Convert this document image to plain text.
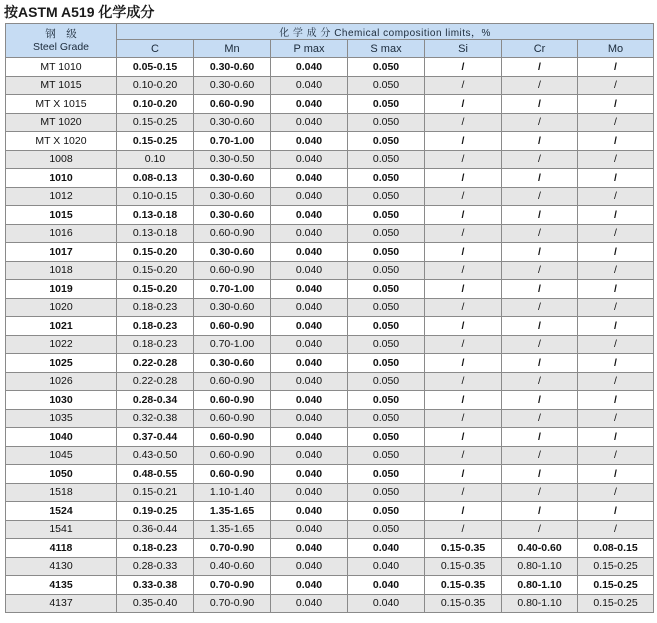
按ASTM A519 化学成分
钢　级
Steel Grade	化 学 成 分 Chemical composition limits，%						
	C	Mn	P max	S max	Si	Cr	Mo
MT 1010	0.05-0.15	0.30-0.60	0.040	0.050	/	/	/
MT 1015	0.10-0.20	0.30-0.60	0.040	0.050	/	/	/
MT X 1015	0.10-0.20	0.60-0.90	0.040	0.050	/	/	/
MT 1020	0.15-0.25	0.30-0.60	0.040	0.050	/	/	/
MT X 1020	0.15-0.25	0.70-1.00	0.040	0.050	/	/	/
1008	0.10	0.30-0.50	0.040	0.050	/	/	/
1010	0.08-0.13	0.30-0.60	0.040	0.050	/	/	/
1012	0.10-0.15	0.30-0.60	0.040	0.050	/	/	/
1015	0.13-0.18	0.30-0.60	0.040	0.050	/	/	/
1016	0.13-0.18	0.60-0.90	0.040	0.050	/	/	/
1017	0.15-0.20	0.30-0.60	0.040	0.050	/	/	/
1018	0.15-0.20	0.60-0.90	0.040	0.050	/	/	/
1019	0.15-0.20	0.70-1.00	0.040	0.050	/	/	/
1020	0.18-0.23	0.30-0.60	0.040	0.050	/	/	/
1021	0.18-0.23	0.60-0.90	0.040	0.050	/	/	/
1022	0.18-0.23	0.70-1.00	0.040	0.050	/	/	/
1025	0.22-0.28	0.30-0.60	0.040	0.050	/	/	/
1026	0.22-0.28	0.60-0.90	0.040	0.050	/	/	/
1030	0.28-0.34	0.60-0.90	0.040	0.050	/	/	/
1035	0.32-0.38	0.60-0.90	0.040	0.050	/	/	/
1040	0.37-0.44	0.60-0.90	0.040	0.050	/	/	/
1045	0.43-0.50	0.60-0.90	0.040	0.050	/	/	/
1050	0.48-0.55	0.60-0.90	0.040	0.050	/	/	/
1518	0.15-0.21	1.10-1.40	0.040	0.050	/	/	/
1524	0.19-0.25	1.35-1.65	0.040	0.050	/	/	/
1541	0.36-0.44	1.35-1.65	0.040	0.050	/	/	/
4118	0.18-0.23	0.70-0.90	0.040	0.040	0.15-0.35	0.40-0.60	0.08-0.15
4130	0.28-0.33	0.40-0.60	0.040	0.040	0.15-0.35	0.80-1.10	0.15-0.25
4135	0.33-0.38	0.70-0.90	0.040	0.040	0.15-0.35	0.80-1.10	0.15-0.25
4137	0.35-0.40	0.70-0.90	0.040	0.040	0.15-0.35	0.80-1.10	0.15-0.25
